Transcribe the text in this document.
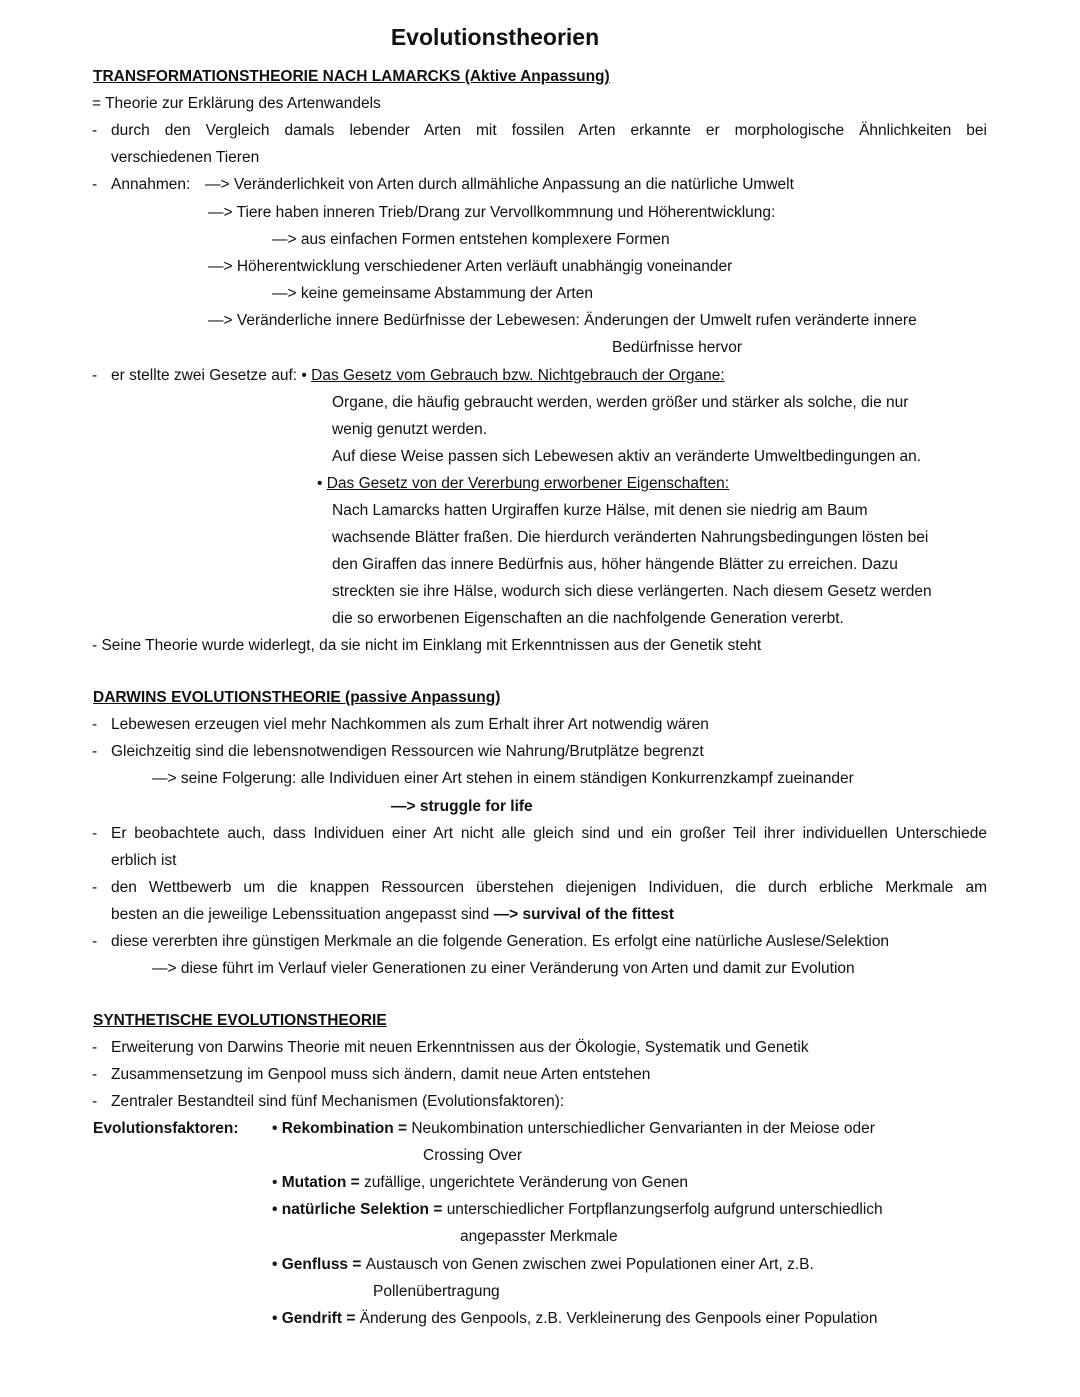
Evolutionstheorien
TRANSFORMATIONSTHEORIE NACH LAMARCKS (Aktive Anpassung)
= Theorie zur Erklärung des Artenwandels
- durch den Vergleich damals lebender Arten mit fossilen Arten erkannte er morphologische Ähnlichkeiten bei
verschiedenen Tieren
- Annahmen: —> Veränderlichkeit von Arten durch allmähliche Anpassung an die natürliche Umwelt
—> Tiere haben inneren Trieb/Drang zur Vervollkommnung und Höherentwicklung:
—> aus einfachen Formen entstehen komplexere Formen
—> Höherentwicklung verschiedener Arten verläuft unabhängig voneinander
—> keine gemeinsame Abstammung der Arten
—> Veränderliche innere Bedürfnisse der Lebewesen: Änderungen der Umwelt rufen veränderte innere
Bedürfnisse hervor
- er stellte zwei Gesetze auf: • Das Gesetz vom Gebrauch bzw. Nichtgebrauch der Organe:
Organe, die häufig gebraucht werden, werden größer und stärker als solche, die nur
wenig genutzt werden.
Auf diese Weise passen sich Lebewesen aktiv an veränderte Umweltbedingungen an.
• Das Gesetz von der Vererbung erworbener Eigenschaften:
Nach Lamarcks hatten Urgiraffen kurze Hälse, mit denen sie niedrig am Baum
wachsende Blätter fraßen. Die hierdurch veränderten Nahrungsbedingungen lösten bei
den Giraffen das innere Bedürfnis aus, höher hängende Blätter zu erreichen. Dazu
streckten sie ihre Hälse, wodurch sich diese verlängerten. Nach diesem Gesetz werden
die so erworbenen Eigenschaften an die nachfolgende Generation vererbt.
- Seine Theorie wurde widerlegt, da sie nicht im Einklang mit Erkenntnissen aus der Genetik steht
DARWINS EVOLUTIONSTHEORIE (passive Anpassung)
- Lebewesen erzeugen viel mehr Nachkommen als zum Erhalt ihrer Art notwendig wären
- Gleichzeitig sind die lebensnotwendigen Ressourcen wie Nahrung/Brutplätze begrenzt
—> seine Folgerung: alle Individuen einer Art stehen in einem ständigen Konkurrenzkampf zueinander
—> struggle for life
- Er beobachtete auch, dass Individuen einer Art nicht alle gleich sind und ein großer Teil ihrer individuellen Unterschiede
erblich ist
- den Wettbewerb um die knappen Ressourcen überstehen diejenigen Individuen, die durch erbliche Merkmale am
besten an die jeweilige Lebenssituation angepasst sind —> survival of the fittest
- diese vererbten ihre günstigen Merkmale an die folgende Generation. Es erfolgt eine natürliche Auslese/Selektion
—> diese führt im Verlauf vieler Generationen zu einer Veränderung von Arten und damit zur Evolution
SYNTHETISCHE EVOLUTIONSTHEORIE
- Erweiterung von Darwins Theorie mit neuen Erkenntnissen aus der Ökologie, Systematik und Genetik
- Zusammensetzung im Genpool muss sich ändern, damit neue Arten entstehen
- Zentraler Bestandteil sind fünf Mechanismen (Evolutionsfaktoren):
Evolutionsfaktoren: • Rekombination = Neukombination unterschiedlicher Genvarianten in der Meiose oder
Crossing Over
• Mutation = zufällige, ungerichtete Veränderung von Genen
• natürliche Selektion = unterschiedlicher Fortpflanzungserfolg aufgrund unterschiedlich
angepasster Merkmale
• Genfluss = Austausch von Genen zwischen zwei Populationen einer Art, z.B.
Pollenübertragung
• Gendrift = Änderung des Genpools, z.B. Verkleinerung des Genpools einer Population
